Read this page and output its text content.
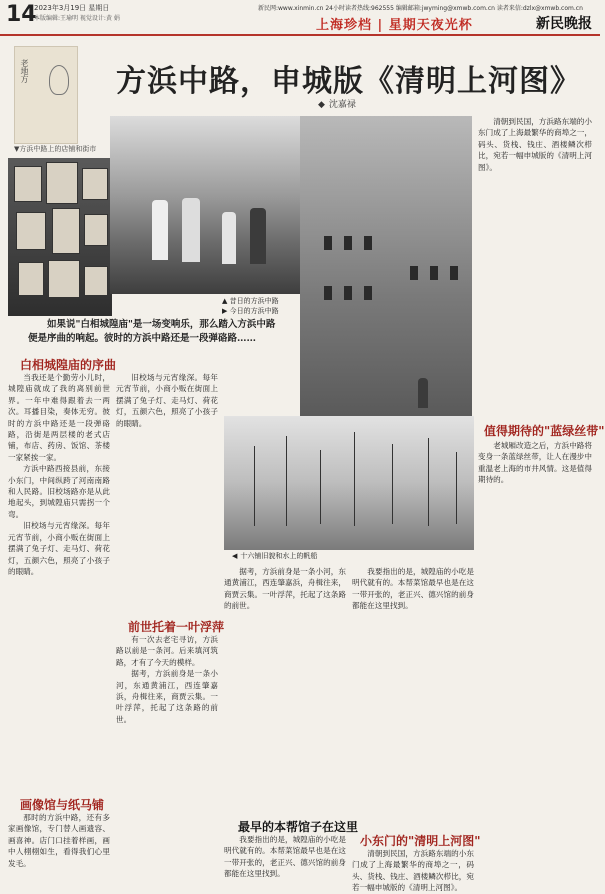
14
2023年3月19日 星期日
本版编辑:王瑜明 视觉设计:黄 娟
新民网:www.xinmin.cn 24小时读者热线:962555 编辑邮箱:jwyming@xmwb.com.cn 读者来信:dzlx@xmwb.com.cn
上海珍档 | 星期天夜光杯	新民晚报
方浜中路，申城版《清明上河图》
◆ 沈嘉禄
老地方
▼方浜中路上的店铺和街市
▲ 昔日的方浜中路
▶ 今日的方浜中路
◀ 十六铺旧貌和水上的帆船
如果说"白相城隍庙"是一场变响乐，那么踏入方浜中路便是序曲的响起。彼时的方浜中路还是一段弹硌路……
白相城隍庙的序曲

当我还是个勤劳小儿时，城隍庙就成了我的离别前世界。一年中难得跟着去一两次。耳播目染，奏体无穷。彼时的方浜中路还是一段弹硌路，沿街是两层楼的老式店铺，布店、药房、饭馆、茶楼一家紧挨一家。

方浜中路西接县前，东接小东门，中间纵跨了河南南路和人民路。旧校场路亦是从此地起头，到城隍庙只需拐一个弯。

旧校场与元宵缘深。每年元宵节前，小商小贩在街面上摆满了兔子灯、走马灯、荷花灯，五颜六色，照亮了小孩子的眼睛。

画像馆与纸马铺

那时的方浜中路，还有多家画像馆，专门替人画遗容、画喜神。店门口挂着样画，画中人栩栩如生，看得我们心里发毛。

旧校场与元宵缘深。每年元宵节前，小商小贩在街面上摆满了兔子灯、走马灯、荷花灯，五颜六色，照亮了小孩子的眼睛。

前世托着一叶浮萍

有一次去老宅寻访，方浜路以前是一条河。后来填河筑路，才有了今天的模样。

据考，方浜前身是一条小河，东通黄浦江，西连肇嘉浜，舟楫往来，商贾云集。一叶浮萍，托起了这条路的前世。

据考，方浜前身是一条小河，东通黄浦江，西连肇嘉浜，舟楫往来，商贾云集。一叶浮萍，托起了这条路的前世。

最早的本帮馆子在这里

我要指出的是，城隍庙的小吃是明代就有的。本帮菜馆最早也是在这一带开张的，老正兴、德兴馆的前身都能在这里找到。

我要指出的是，城隍庙的小吃是明代就有的。本帮菜馆最早也是在这一带开张的，老正兴、德兴馆的前身都能在这里找到。

小东门的"清明上河图"

清朝到民国，方浜路东端的小东门成了上海最繁华的商埠之一，码头、货栈、钱庄、酒楼鳞次栉比，宛若一幅申城版的《清明上河图》。

清朝到民国，方浜路东端的小东门成了上海最繁华的商埠之一，码头、货栈、钱庄、酒楼鳞次栉比，宛若一幅申城版的《清明上河图》。

值得期待的"蓝绿丝带"

老城厢改造之后，方浜中路将变身一条蓝绿丝带，让人在漫步中重温老上海的市井风情。这是值得期待的。
